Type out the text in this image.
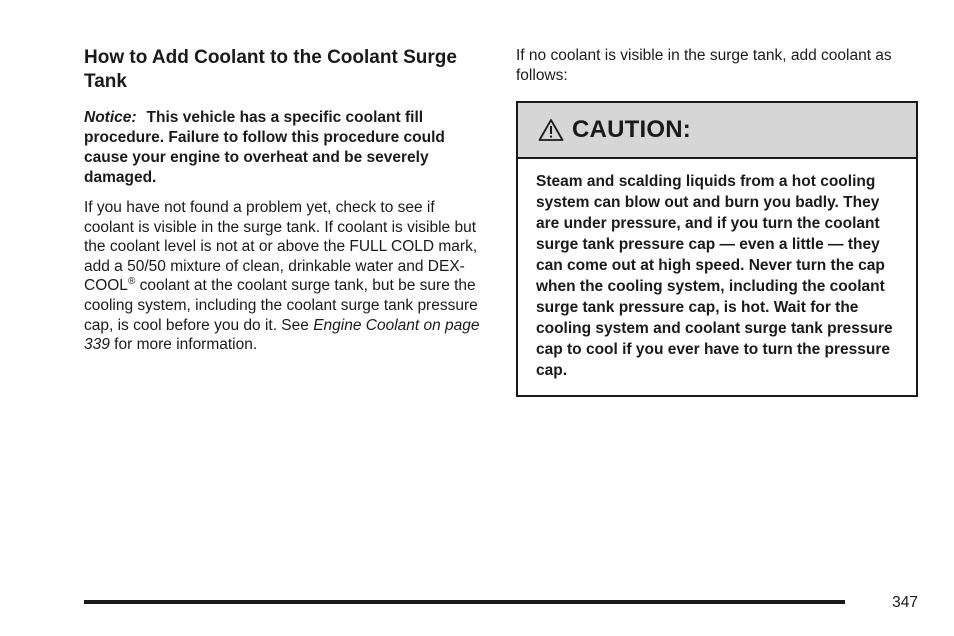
How to Add Coolant to the Coolant Surge Tank

Notice: This vehicle has a specific coolant fill procedure. Failure to follow this procedure could cause your engine to overheat and be severely damaged.

If you have not found a problem yet, check to see if coolant is visible in the surge tank. If coolant is visible but the coolant level is not at or above the FULL COLD mark, add a 50/50 mixture of clean, drinkable water and DEX-COOL® coolant at the coolant surge tank, but be sure the cooling system, including the coolant surge tank pressure cap, is cool before you do it. See Engine Coolant on page 339 for more information.

If no coolant is visible in the surge tank, add coolant as follows:

CAUTION:
Steam and scalding liquids from a hot cooling system can blow out and burn you badly. They are under pressure, and if you turn the coolant surge tank pressure cap — even a little — they can come out at high speed. Never turn the cap when the cooling system, including the coolant surge tank pressure cap, is hot. Wait for the cooling system and coolant surge tank pressure cap to cool if you ever have to turn the pressure cap.
347
